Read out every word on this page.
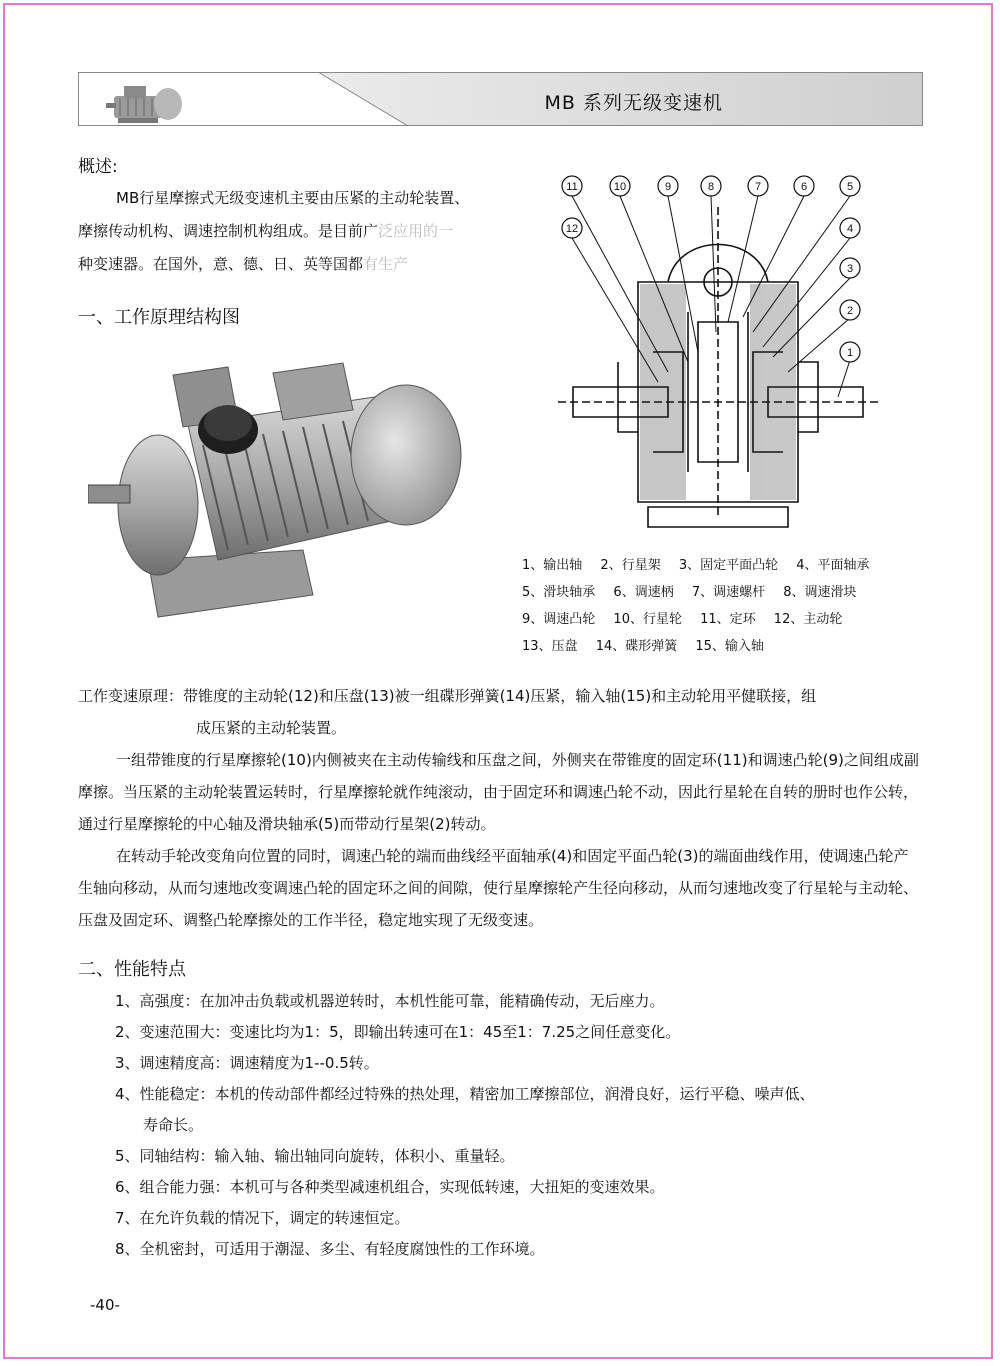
MB 系列无级变速机
概述:
MB行星摩擦式无级变速机主要由压紧的主动轮装置、
摩擦传动机构、调速控制机构组成。是目前广泛应用的一
种变速器。在国外，意、德、日、英等国都有生产
一、工作原理结构图
11	10	9	8	7	6	5
4
3
2
1
12
1、输出轴 2、行星架 3、固定平面凸轮 4、平面轴承
5、滑块轴承 6、调速柄 7、调速螺杆 8、调速滑块
9、调速凸轮 10、行星轮 11、定环 12、主动轮
13、压盘 14、碟形弹簧 15、输入轴

工作变速原理：带锥度的主动轮(12)和压盘(13)被一组碟形弹簧(14)压紧，输入轴(15)和主动轮用平健联接，组

成压紧的主动轮装置。

一组带锥度的行星摩擦轮(10)内侧被夹在主动传输线和压盘之间，外侧夹在带锥度的固定环(11)和调速凸轮(9)之间组成副摩擦。当压紧的主动轮装置运转时，行星摩擦轮就作纯滚动，由于固定环和调速凸轮不动，因此行星轮在自转的册时也作公转，通过行星摩擦轮的中心轴及滑块轴承(5)而带动行星架(2)转动。

在转动手轮改变角向位置的同时，调速凸轮的端而曲线经平面轴承(4)和固定平面凸轮(3)的端面曲线作用，使调速凸轮产生轴向移动，从而匀速地改变调速凸轮的固定环之间的间隙，使行星摩擦轮产生径向移动，从而匀速地改变了行星轮与主动轮、压盘及固定环、调整凸轮摩擦处的工作半径，稳定地实现了无级变速。

二、性能特点
1、高强度：在加冲击负载或机器逆转时，本机性能可靠，能精确传动，无后座力。
2、变速范围大：变速比均为1：5，即输出转速可在1：45至1：7.25之间任意变化。
3、调速精度高：调速精度为1--0.5转。
4、性能稳定：本机的传动部件都经过特殊的热处理，精密加工摩擦部位，润滑良好，运行平稳、噪声低、
寿命长。
5、同轴结构：输入轴、输出轴同向旋转，体积小、重量轻。
6、组合能力强：本机可与各种类型减速机组合，实现低转速，大扭矩的变速效果。
7、在允许负载的情况下，调定的转速恒定。
8、全机密封，可适用于潮湿、多尘、有轻度腐蚀性的工作环境。
-40-
